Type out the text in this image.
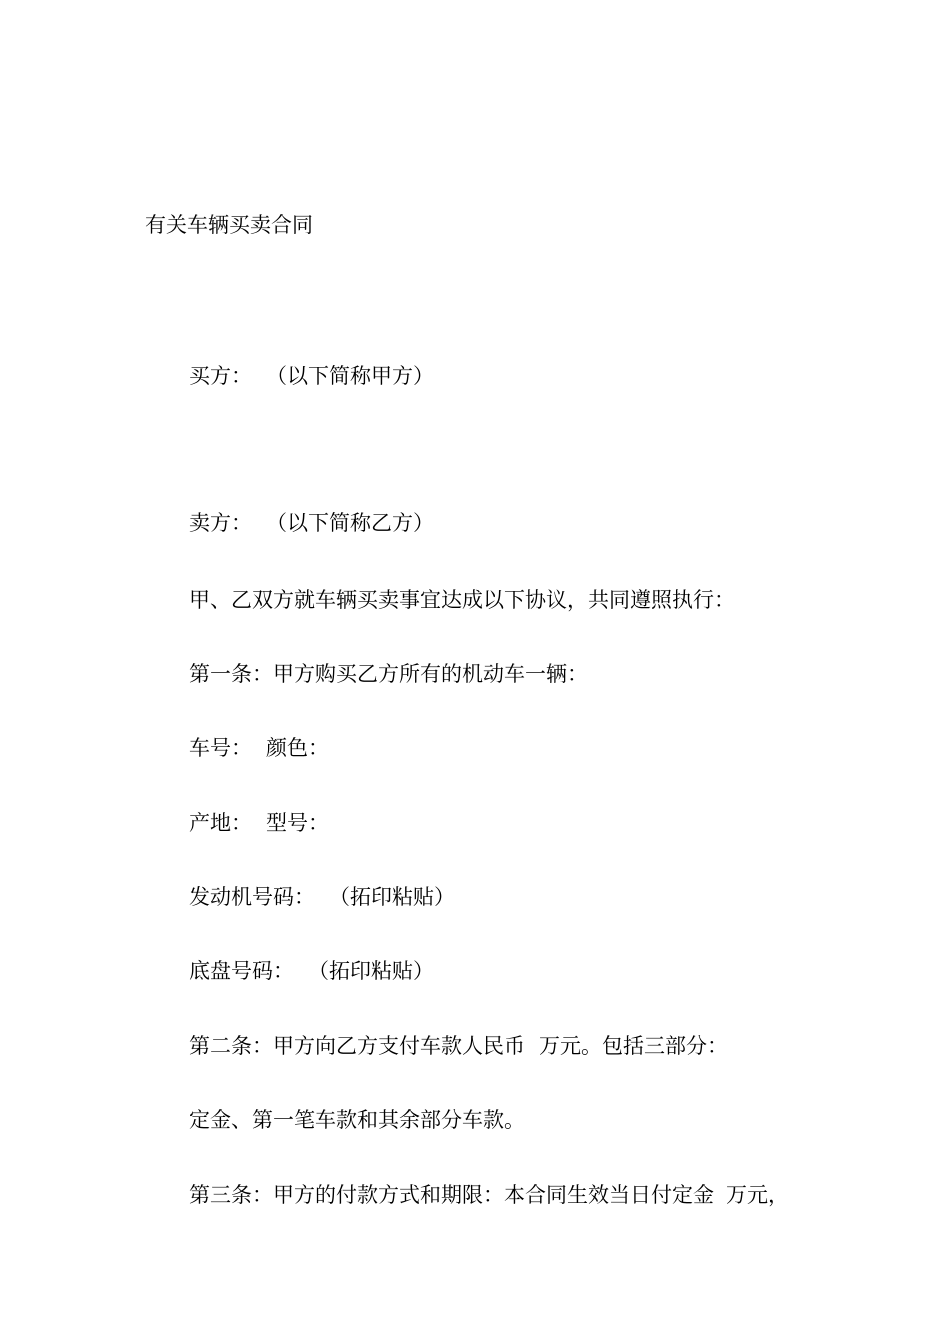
有关车辆买卖合同
买方： （以下简称甲方）
卖方： （以下简称乙方）
甲、乙双方就车辆买卖事宜达成以下协议，共同遵照执行：
第一条：甲方购买乙方所有的机动车一辆：
车号： 颜色：
产地： 型号：
发动机号码： （拓印粘贴）
底盘号码： （拓印粘贴）
第二条：甲方向乙方支付车款人民币 万元。包括三部分：
定金、第一笔车款和其余部分车款。
第三条：甲方的付款方式和期限：本合同生效当日付定金 万元，
